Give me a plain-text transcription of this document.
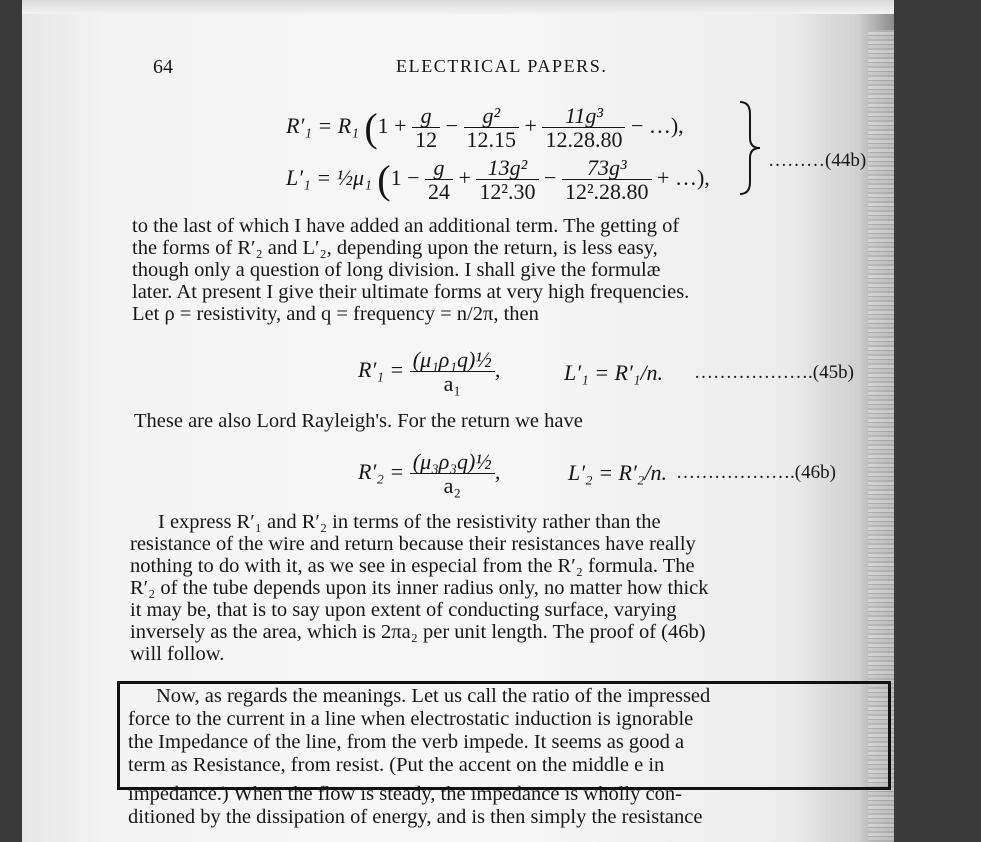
64	ELECTRICAL PAPERS.
R′₁ = R₁ ($1 + \frac{g}{12} - \frac{\text{g²}}{12.15} + \frac{\text{11g³}}{12.28.80}$ − …),
L′₁ = ½μ₁ ($1 - \frac{g}{24} + \frac{\text{13g²}}{\text{12².30}} - \frac{\text{73g³}}{\text{12².28.80}}$ + …),
………(44b)
to the last of which I have added an additional term. The getting of
the forms of R′₂ and L′₂, depending upon the return, is less easy,
though only a question of long division. I shall give the formulæ
later. At present I give their ultimate forms at very high frequencies.
Let ρ = resistivity, and q = frequency = n/2π, then
$R'_1 = \frac{\text{(μ₁ρ₁q)½}}{\text{a₁}}$ ,	L′₁ = R′₁/n. ……………….(45b)
These are also Lord Rayleigh's. For the return we have
$R'_2 = \frac{\text{(μ₃ρ₃q)½}}{\text{a₂}}$ ,	L′₂ = R′₂/n. ……………….(46b)
I express R′₁ and R′₂ in terms of the resistivity rather than the
resistance of the wire and return because their resistances have really
nothing to do with it, as we see in especial from the R′₂ formula. The
R′₂ of the tube depends upon its inner radius only, no matter how thick
it may be, that is to say upon extent of conducting surface, varying
inversely as the area, which is 2πa₂ per unit length. The proof of (46b)
will follow.
Now, as regards the meanings. Let us call the ratio of the impressed
force to the current in a line when electrostatic induction is ignorable
the Impedance of the line, from the verb impede. It seems as good a
term as Resistance, from resist. (Put the accent on the middle e in
impedance.) When the flow is steady, the impedance is wholly con-
ditioned by the dissipation of energy, and is then simply the resistance
